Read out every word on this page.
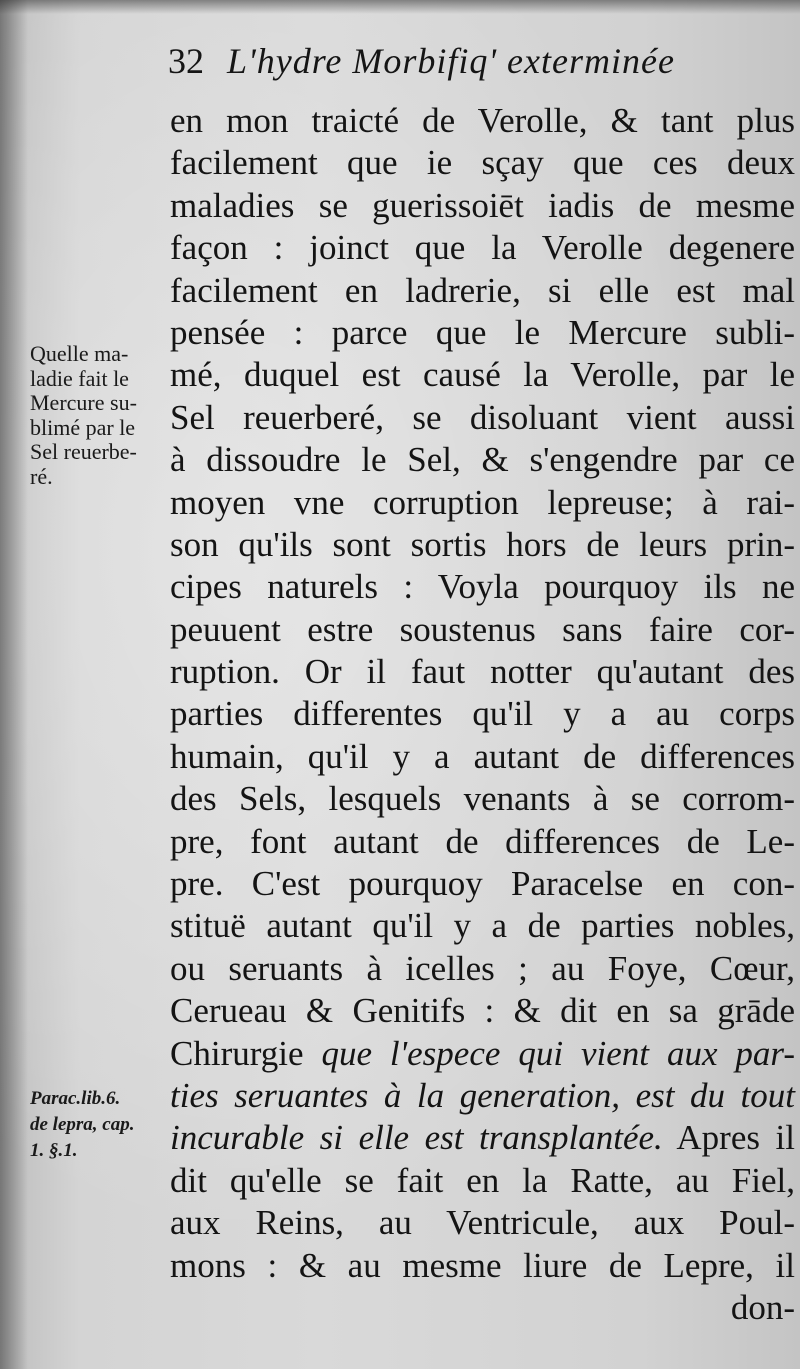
32 L'hydre Morbifiq' exterminée
Quelle ma-
ladie fait le
Mercure su-
blimé par le
Sel reuerbe-
ré.
Parac.lib.6.
de lepra, cap.
1. §.1.
en mon traicté de Verolle, & tant plus
facilement que ie sçay que ces deux
maladies se guerissoiēt iadis de mesme
façon : joinct que la Verolle degenere
facilement en ladrerie, si elle est mal
pensée : parce que le Mercure subli-
mé, duquel est causé la Verolle, par le
Sel reuerberé, se disoluant vient aussi
à dissoudre le Sel, & s'engendre par ce
moyen vne corruption lepreuse; à rai-
son qu'ils sont sortis hors de leurs prin-
cipes naturels : Voyla pourquoy ils ne
peuuent estre soustenus sans faire cor-
ruption. Or il faut notter qu'autant des
parties differentes qu'il y a au corps
humain, qu'il y a autant de differences
des Sels, lesquels venants à se corrom-
pre, font autant de differences de Le-
pre. C'est pourquoy Paracelse en con-
stituë autant qu'il y a de parties nobles,
ou seruants à icelles ; au Foye, Cœur,
Cerueau & Genitifs : & dit en sa grāde
Chirurgie que l'espece qui vient aux par-
ties seruantes à la generation, est du tout
incurable si elle est transplantée. Apres il
dit qu'elle se fait en la Ratte, au Fiel,
aux Reins, au Ventricule, aux Poul-
mons : & au mesme liure de Lepre, il
don-
